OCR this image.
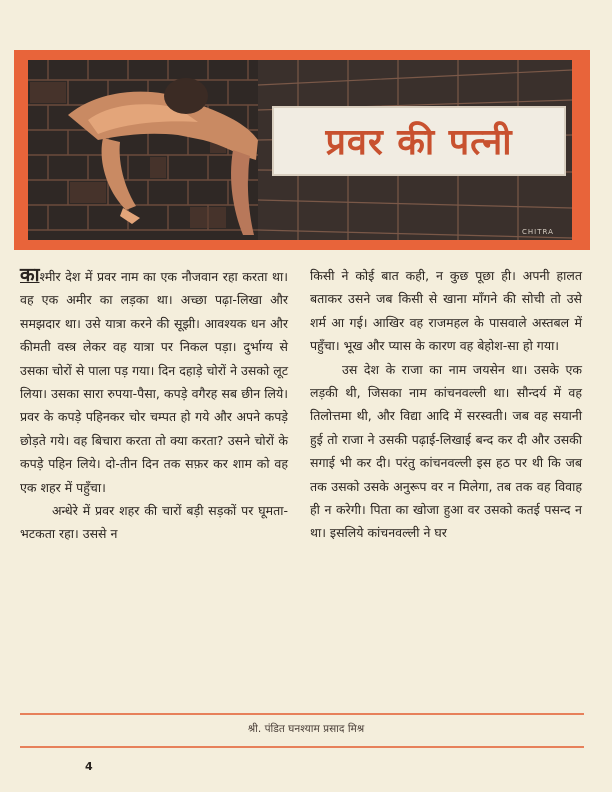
प्रवर की पत्नी
CHITRA

काश्मीर देश में प्रवर नाम का एक नौजवान रहा करता था। वह एक अमीर का लड़का था। अच्छा पढ़ा-लिखा और समझदार था। उसे यात्रा करने की सूझी। आवश्यक धन और कीमती वस्त्र लेकर वह यात्रा पर निकल पड़ा। दुर्भाग्य से उसका चोरों से पाला पड़ गया। दिन दहाड़े चोरों ने उसको लूट लिया। उसका सारा रुपया-पैसा, कपड़े वगैरह सब छीन लिये। प्रवर के कपड़े पहिनकर चोर चम्पत हो गये और अपने कपड़े छोड़ते गये। वह बिचारा करता तो क्या करता? उसने चोरों के कपड़े पहिन लिये। दो-तीन दिन तक सफ़र कर शाम को वह एक शहर में पहुँचा।

अन्धेरे में प्रवर शहर की चारों बड़ी सड़कों पर घूमता-भटकता रहा। उससे न

किसी ने कोई बात कही, न कुछ पूछा ही। अपनी हालत बताकर उसने जब किसी से खाना माँगने की सोची तो उसे शर्म आ गई। आखिर वह राजमहल के पासवाले अस्तबल में पहुँचा। भूख और प्यास के कारण वह बेहोश-सा हो गया।

उस देश के राजा का नाम जयसेन था। उसके एक लड़की थी, जिसका नाम कांचनवल्ली था। सौन्दर्य में वह तिलोत्तमा थी, और विद्या आदि में सरस्वती। जब वह सयानी हुई तो राजा ने उसकी पढ़ाई-लिखाई बन्द कर दी और उसकी सगाई भी कर दी। परंतु कांचनवल्ली इस हठ पर थी कि जब तक उसको उसके अनुरूप वर न मिलेगा, तब तक वह विवाह ही न करेगी। पिता का खोजा हुआ वर उसको कतई पसन्द न था। इसलिये कांचनवल्ली ने घर

श्री. पंडित घनश्याम प्रसाद मिश्र
4
